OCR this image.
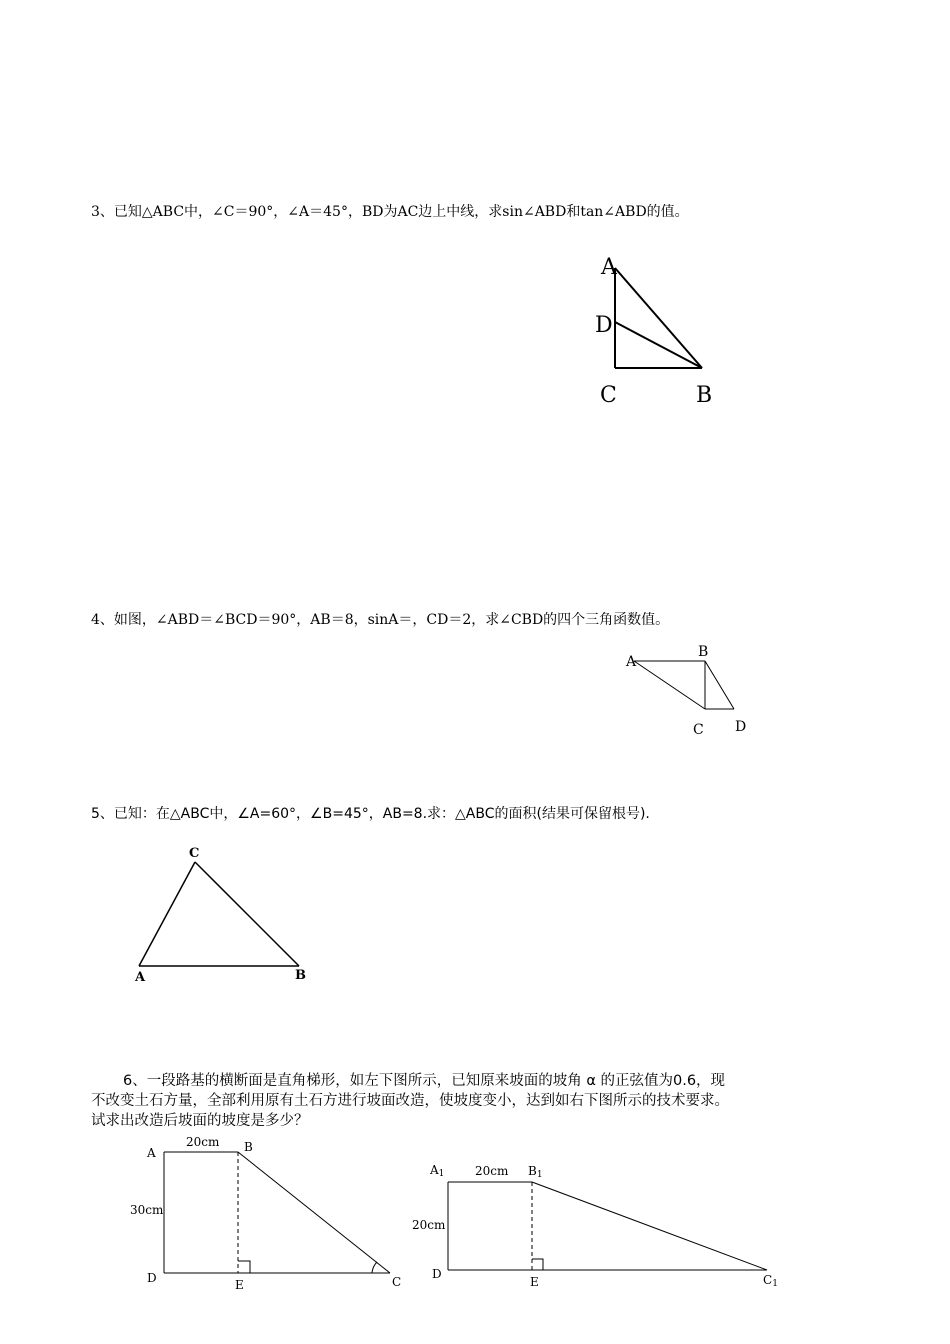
3、已知△ABC中，∠C＝90°，∠A＝45°，BD为AC边上中线，求sin∠ABD和tan∠ABD的值。
A
D
C	B
A
B
C D
C
A	B
A	B
C
D	E
20cm
30cm
A1	B1
C1
D
E
20cm
20cm
4、如图，∠ABD＝∠BCD＝90°，AB＝8，sinA＝，CD＝2，求∠CBD的四个三角函数值。
5、已知：在△ABC中，∠A=60°，∠B=45°，AB=8.求：△ABC的面积(结果可保留根号).
6、一段路基的横断面是直角梯形，如左下图所示，已知原来坡面的坡角 α 的正弦值为0.6，现
不改变土石方量，全部利用原有土石方进行坡面改造，使坡度变小，达到如右下图所示的技术要求。
试求出改造后坡面的坡度是多少？
